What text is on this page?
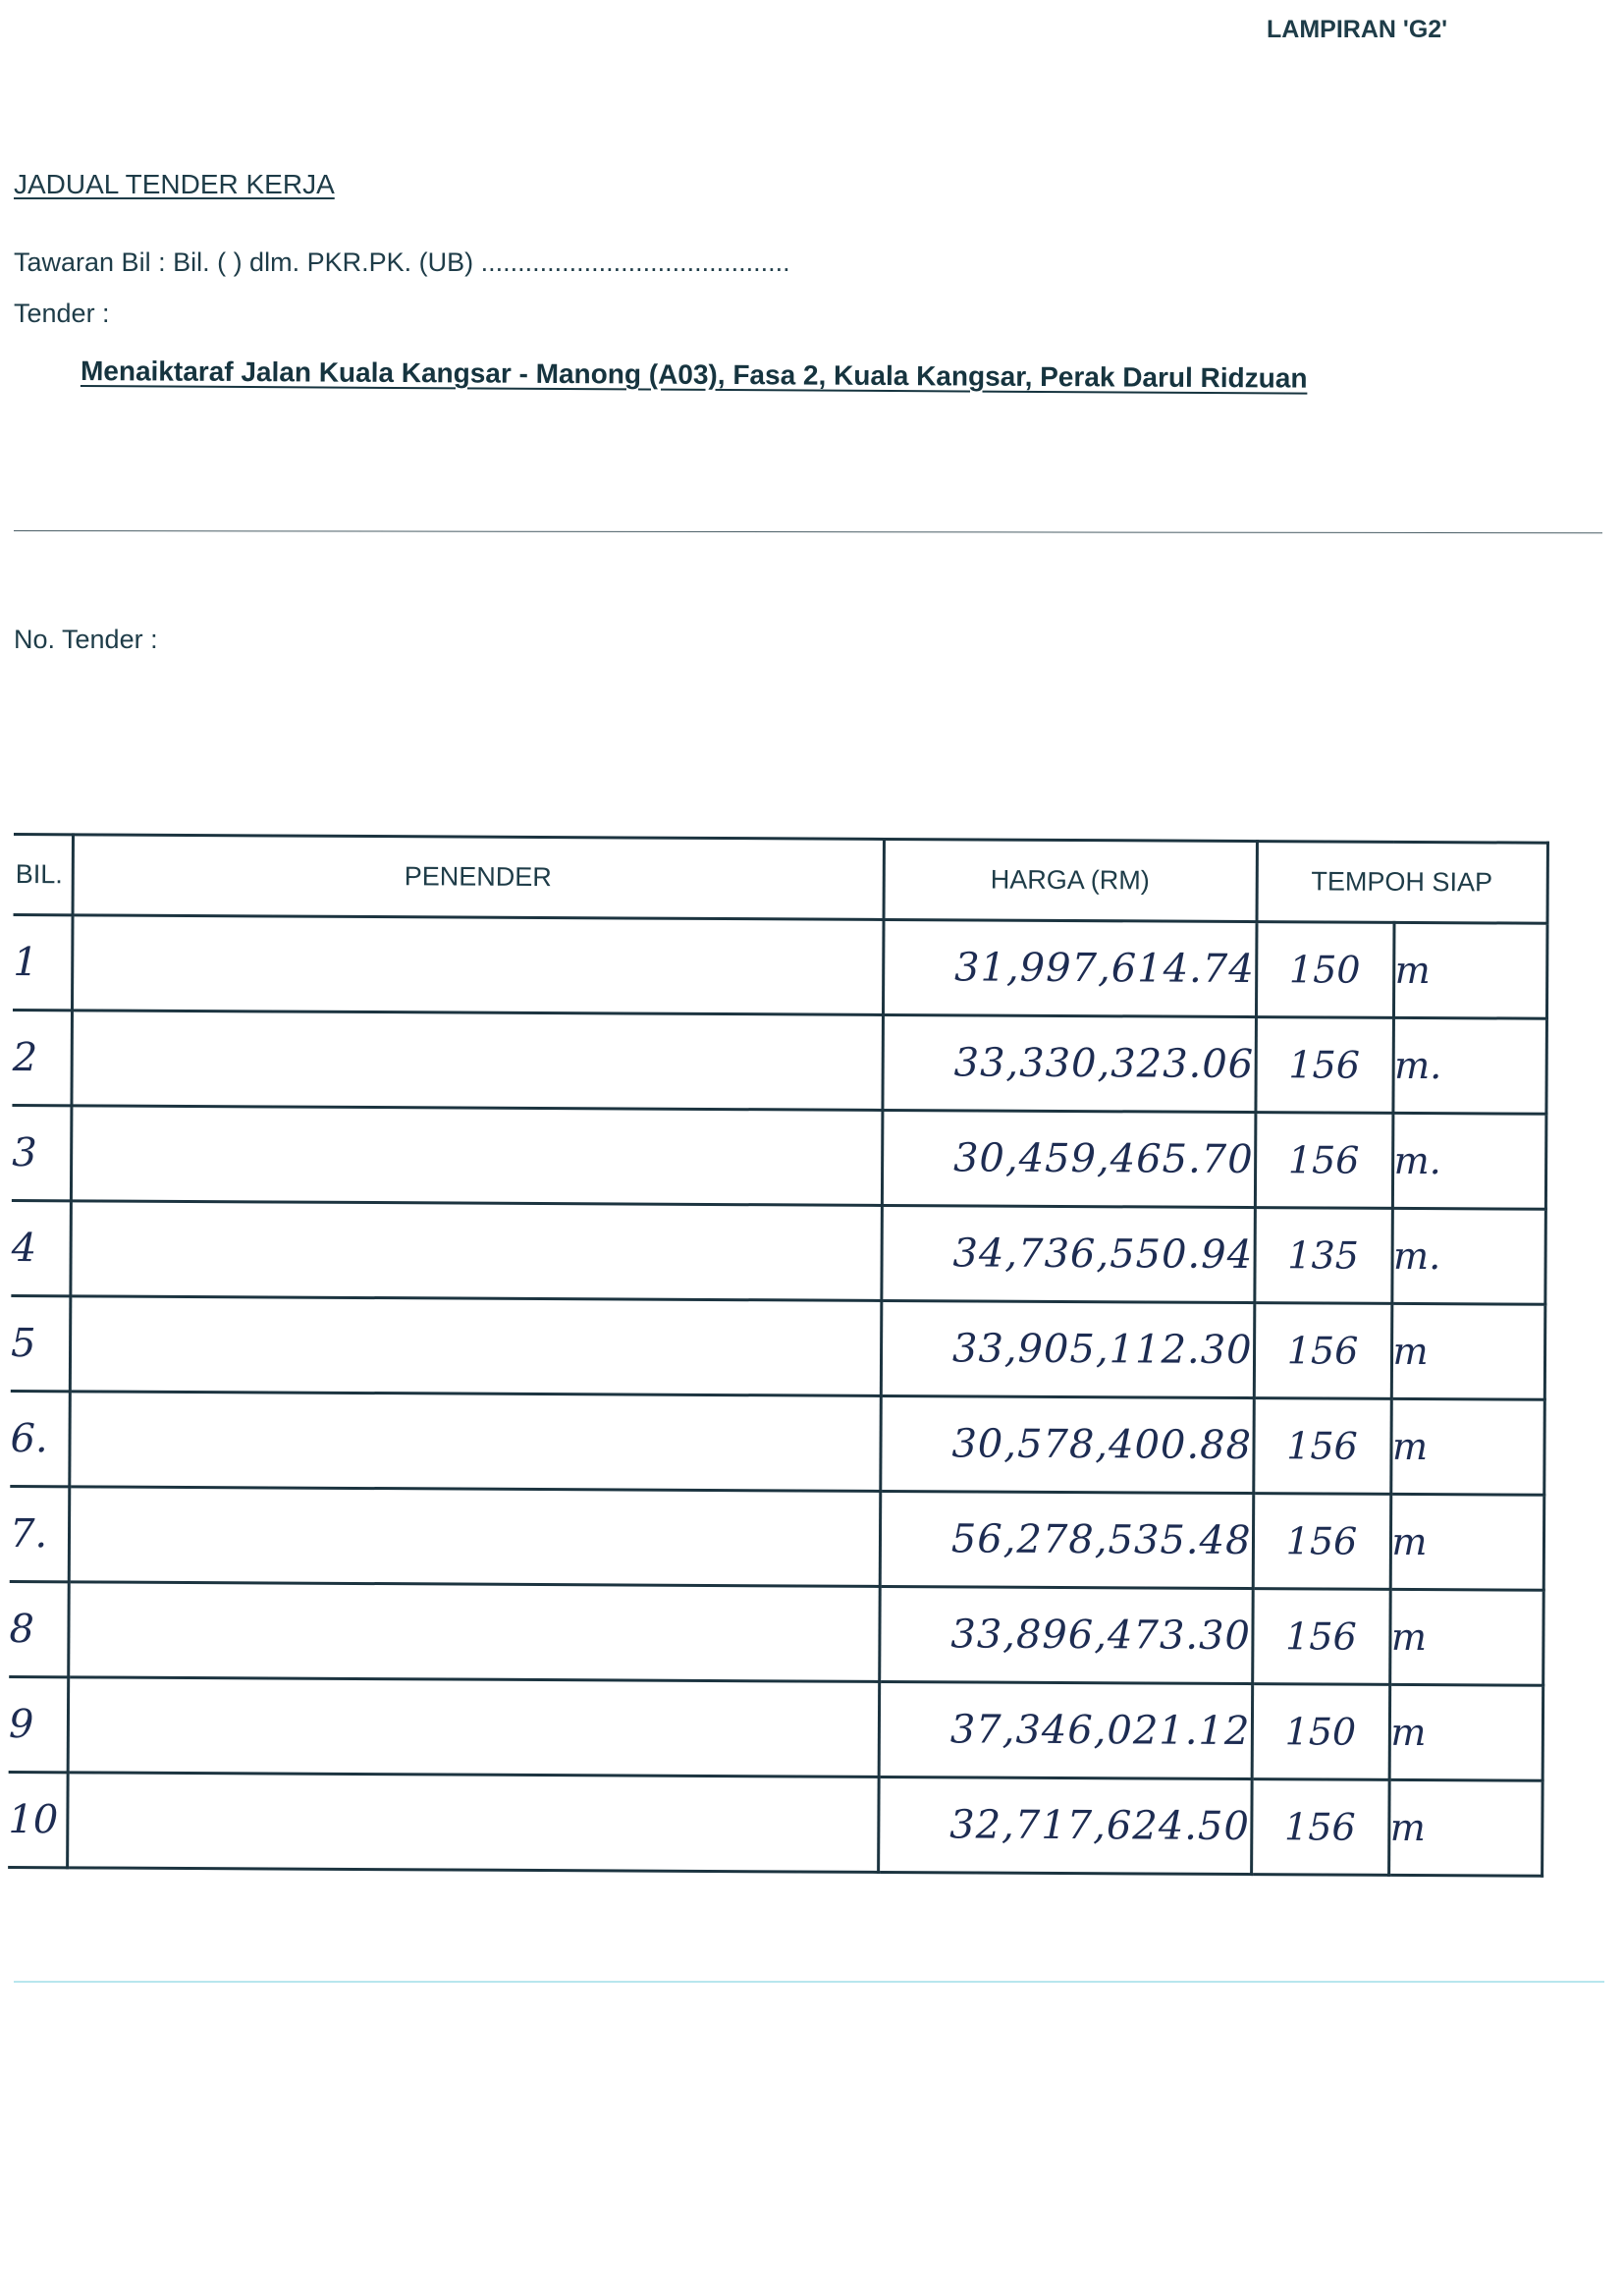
LAMPIRAN 'G2'
JADUAL TENDER KERJA
Tawaran Bil : Bil. ( ) dlm. PKR.PK. (UB) ..........................................
Tender :
Menaiktaraf Jalan Kuala Kangsar - Manong (A03), Fasa 2, Kuala Kangsar, Perak Darul Ridzuan
No. Tender :
BIL.	PENENDER	HARGA (RM)	TEMPOH SIAP	
1		31,997,614.74	150	m
2		33,330,323.06	156	m.
3		30,459,465.70	156	m.
4		34,736,550.94	135	m.
5		33,905,112.30	156	m
6.		30,578,400.88	156	m
7.		56,278,535.48	156	m
8		33,896,473.30	156	m
9		37,346,021.12	150	m
10		32,717,624.50	156	m
